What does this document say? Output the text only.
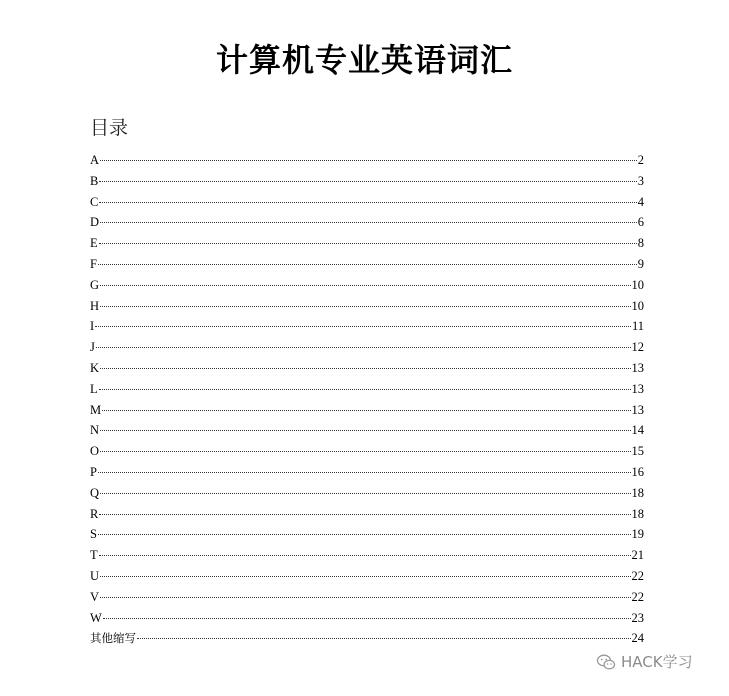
计算机专业英语词汇
目录
A	2
B	3
C	4
D	6
E	8
F	9
G	10
H	10
I	11
J	12
K	13
L	13
M	13
N	14
O	15
P	16
Q	18
R	18
S	19
T	21
U	22
V	22
W	23
其他缩写	24
HACK学习
